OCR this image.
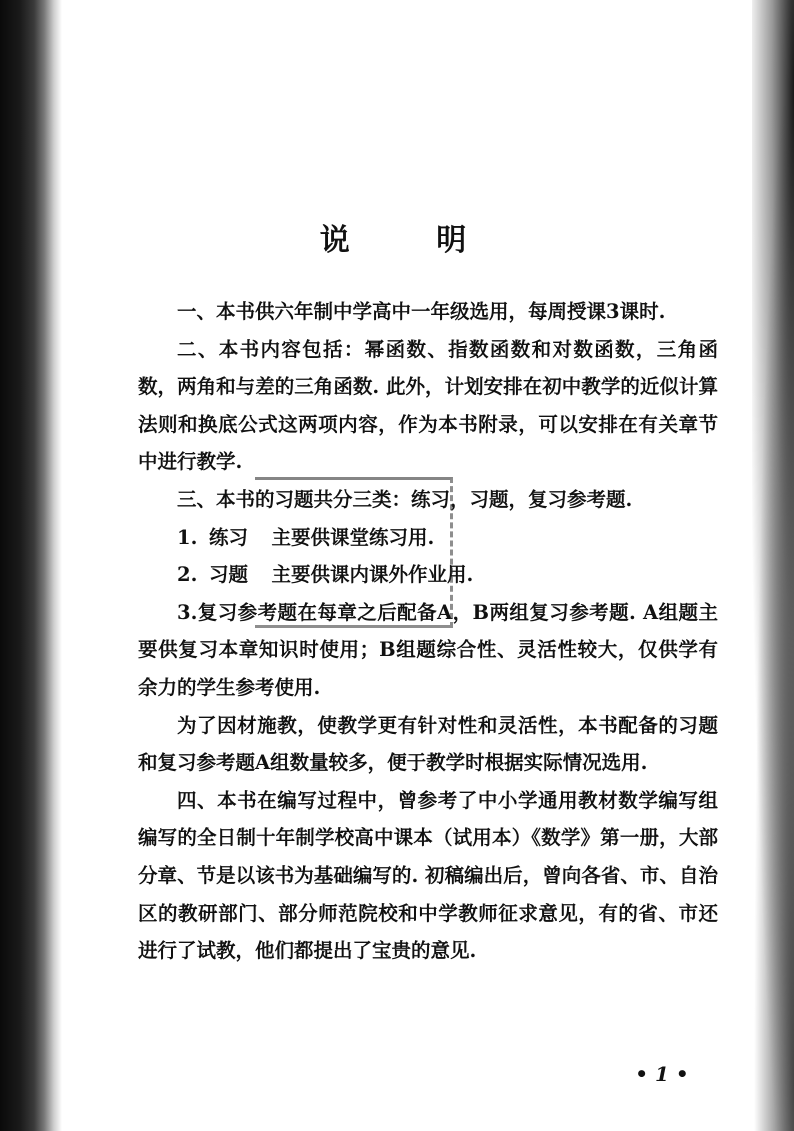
说 明

一、本书供六年制中学高中一年级选用，每周授课3课时.

二、本书内容包括：幂函数、指数函数和对数函数，三角函数，两角和与差的三角函数. 此外，计划安排在初中教学的近似计算法则和换底公式这两项内容，作为本书附录，可以安排在有关章节中进行教学.

三、本书的习题共分三类：练习，习题，复习参考题.

1. 练习 主要供课堂练习用.

2. 习题 主要供课内课外作业用.

3.复习参考题在每章之后配备A，B两组复习参考题. A组题主要供复习本章知识时使用；B组题综合性、灵活性较大，仅供学有余力的学生参考使用.

为了因材施教，使教学更有针对性和灵活性，本书配备的习题和复习参考题A组数量较多，便于教学时根据实际情况选用.

四、本书在编写过程中，曾参考了中小学通用教材数学编写组编写的全日制十年制学校高中课本（试用本）《数学》第一册，大部分章、节是以该书为基础编写的. 初稿编出后，曾向各省、市、自治区的教研部门、部分师范院校和中学教师征求意见，有的省、市还进行了试教，他们都提出了宝贵的意见.

• 1 •
